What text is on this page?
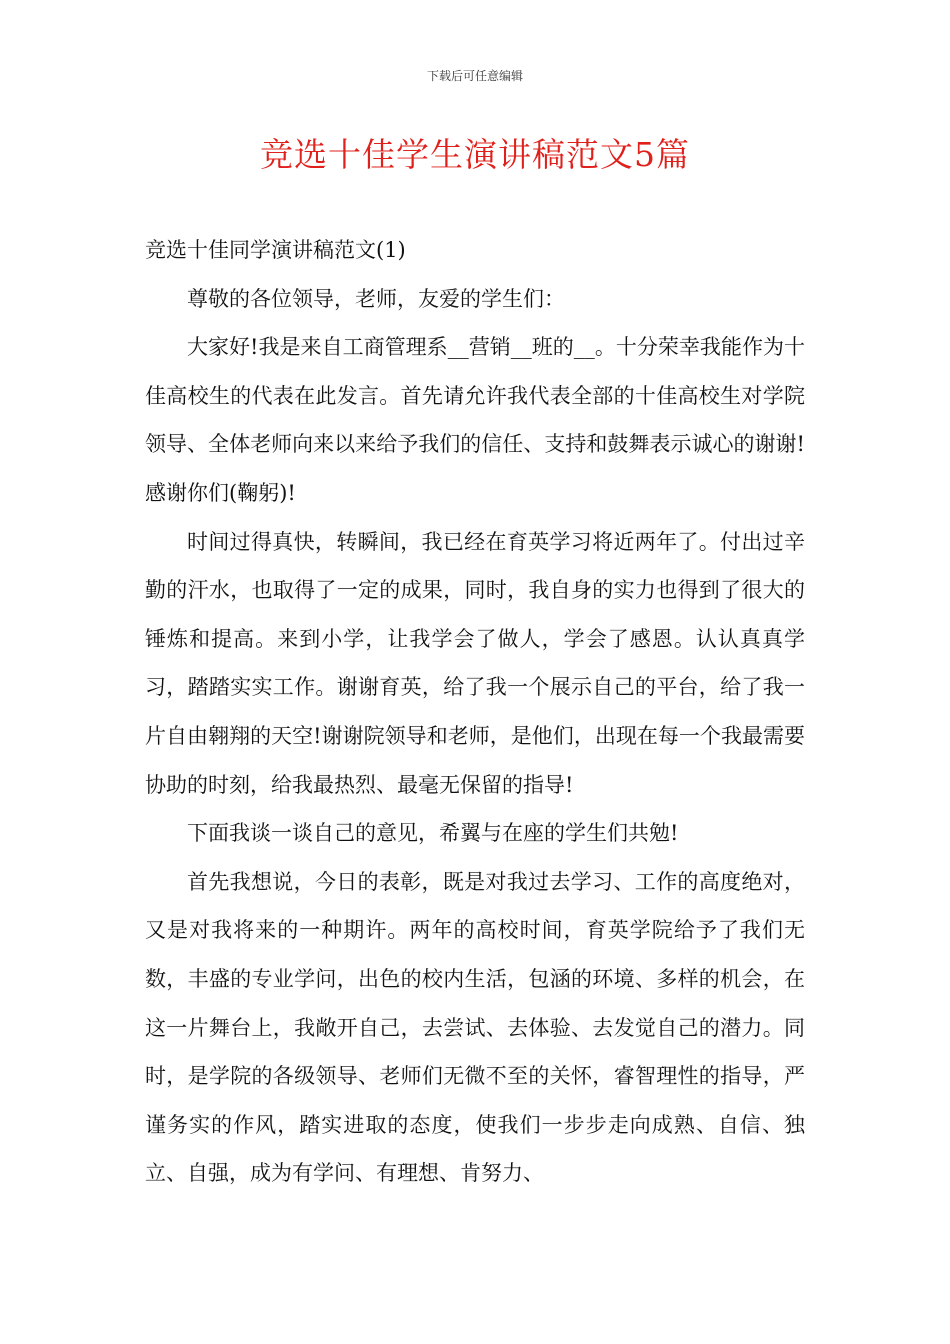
下载后可任意编辑
竞选十佳学生演讲稿范文5篇

竞选十佳同学演讲稿范文(1)

尊敬的各位领导，老师，友爱的学生们：

大家好!我是来自工商管理系__营销__班的__。十分荣幸我能作为十佳高校生的代表在此发言。首先请允许我代表全部的十佳高校生对学院领导、全体老师向来以来给予我们的信任、支持和鼓舞表示诚心的谢谢!感谢你们(鞠躬)!

时间过得真快，转瞬间，我已经在育英学习将近两年了。付出过辛勤的汗水，也取得了一定的成果，同时，我自身的实力也得到了很大的锤炼和提高。来到小学，让我学会了做人，学会了感恩。认认真真学习，踏踏实实工作。谢谢育英，给了我一个展示自己的平台，给了我一片自由翱翔的天空!谢谢院领导和老师，是他们，出现在每一个我最需要协助的时刻，给我最热烈、最毫无保留的指导!

下面我谈一谈自己的意见，希翼与在座的学生们共勉!

首先我想说，今日的表彰，既是对我过去学习、工作的高度绝对，又是对我将来的一种期许。两年的高校时间，育英学院给予了我们无数，丰盛的专业学问，出色的校内生活，包涵的环境、多样的机会，在这一片舞台上，我敞开自己，去尝试、去体验、去发觉自己的潜力。同时，是学院的各级领导、老师们无微不至的关怀，睿智理性的指导，严谨务实的作风，踏实进取的态度，使我们一步步走向成熟、自信、独立、自强，成为有学问、有理想、肯努力、
